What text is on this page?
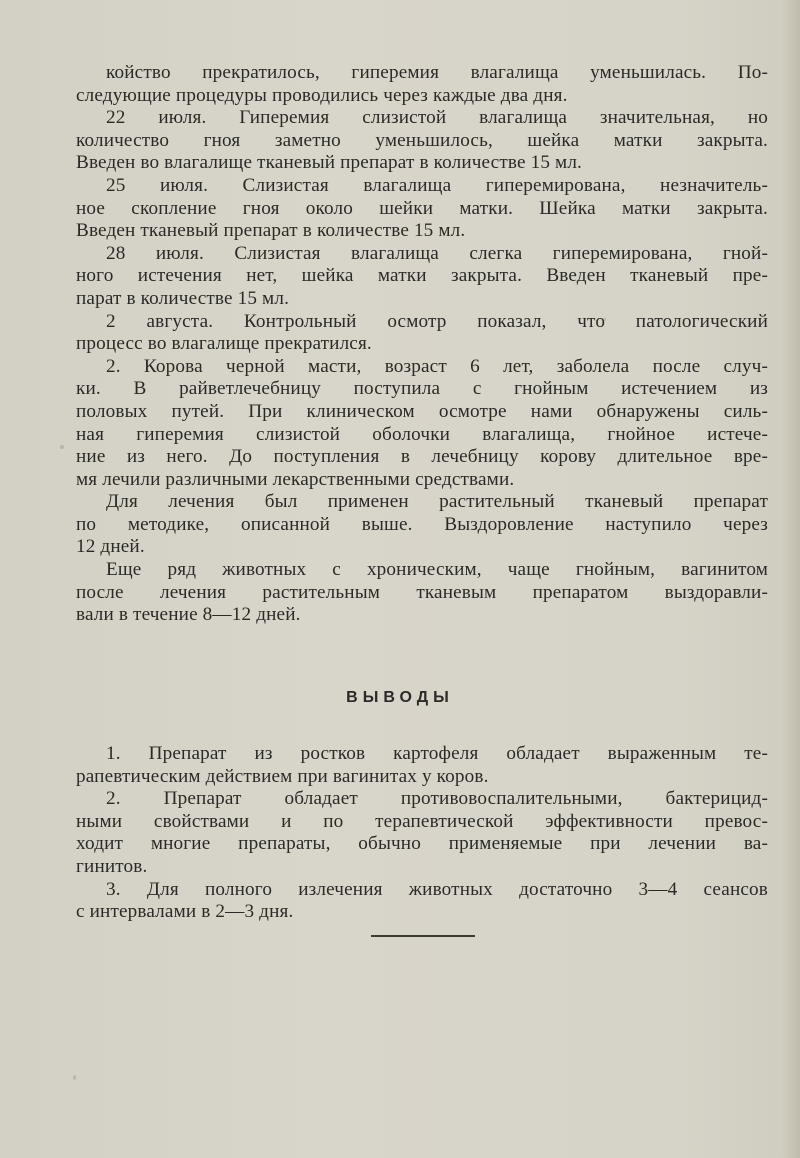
койство прекратилось, гиперемия влагалища уменьшилась. По-
следующие процедуры проводились через каждые два дня.
22 июля. Гиперемия слизистой влагалища значительная, но
количество гноя заметно уменьшилось, шейка матки закрыта.
Введен во влагалище тканевый препарат в количестве 15 мл.
25 июля. Слизистая влагалища гиперемирована, незначитель-
ное скопление гноя около шейки матки. Шейка матки закрыта.
Введен тканевый препарат в количестве 15 мл.
28 июля. Слизистая влагалища слегка гиперемирована, гной-
ного истечения нет, шейка матки закрыта. Введен тканевый пре-
парат в количестве 15 мл.
2 августа. Контрольный осмотр показал, что патологический
процесс во влагалище прекратился.
2. Корова черной масти, возраст 6 лет, заболела после случ-
ки. В райветлечебницу поступила с гнойным истечением из
половых путей. При клиническом осмотре нами обнаружены силь-
ная гиперемия слизистой оболочки влагалища, гнойное истече-
ние из него. До поступления в лечебницу корову длительное вре-
мя лечили различными лекарственными средствами.
Для лечения был применен растительный тканевый препарат
по методике, описанной выше. Выздоровление наступило через
12 дней.
Еще ряд животных с хроническим, чаще гнойным, вагинитом
после лечения растительным тканевым препаратом выздоравли-
вали в течение 8—12 дней.
ВЫВОДЫ
1. Препарат из ростков картофеля обладает выраженным те-
рапевтическим действием при вагинитах у коров.
2. Препарат обладает противовоспалительными, бактерицид-
ными свойствами и по терапевтической эффективности превос-
ходит многие препараты, обычно применяемые при лечении ва-
гинитов.
3. Для полного излечения животных достаточно 3—4 сеансов
с интервалами в 2—3 дня.
